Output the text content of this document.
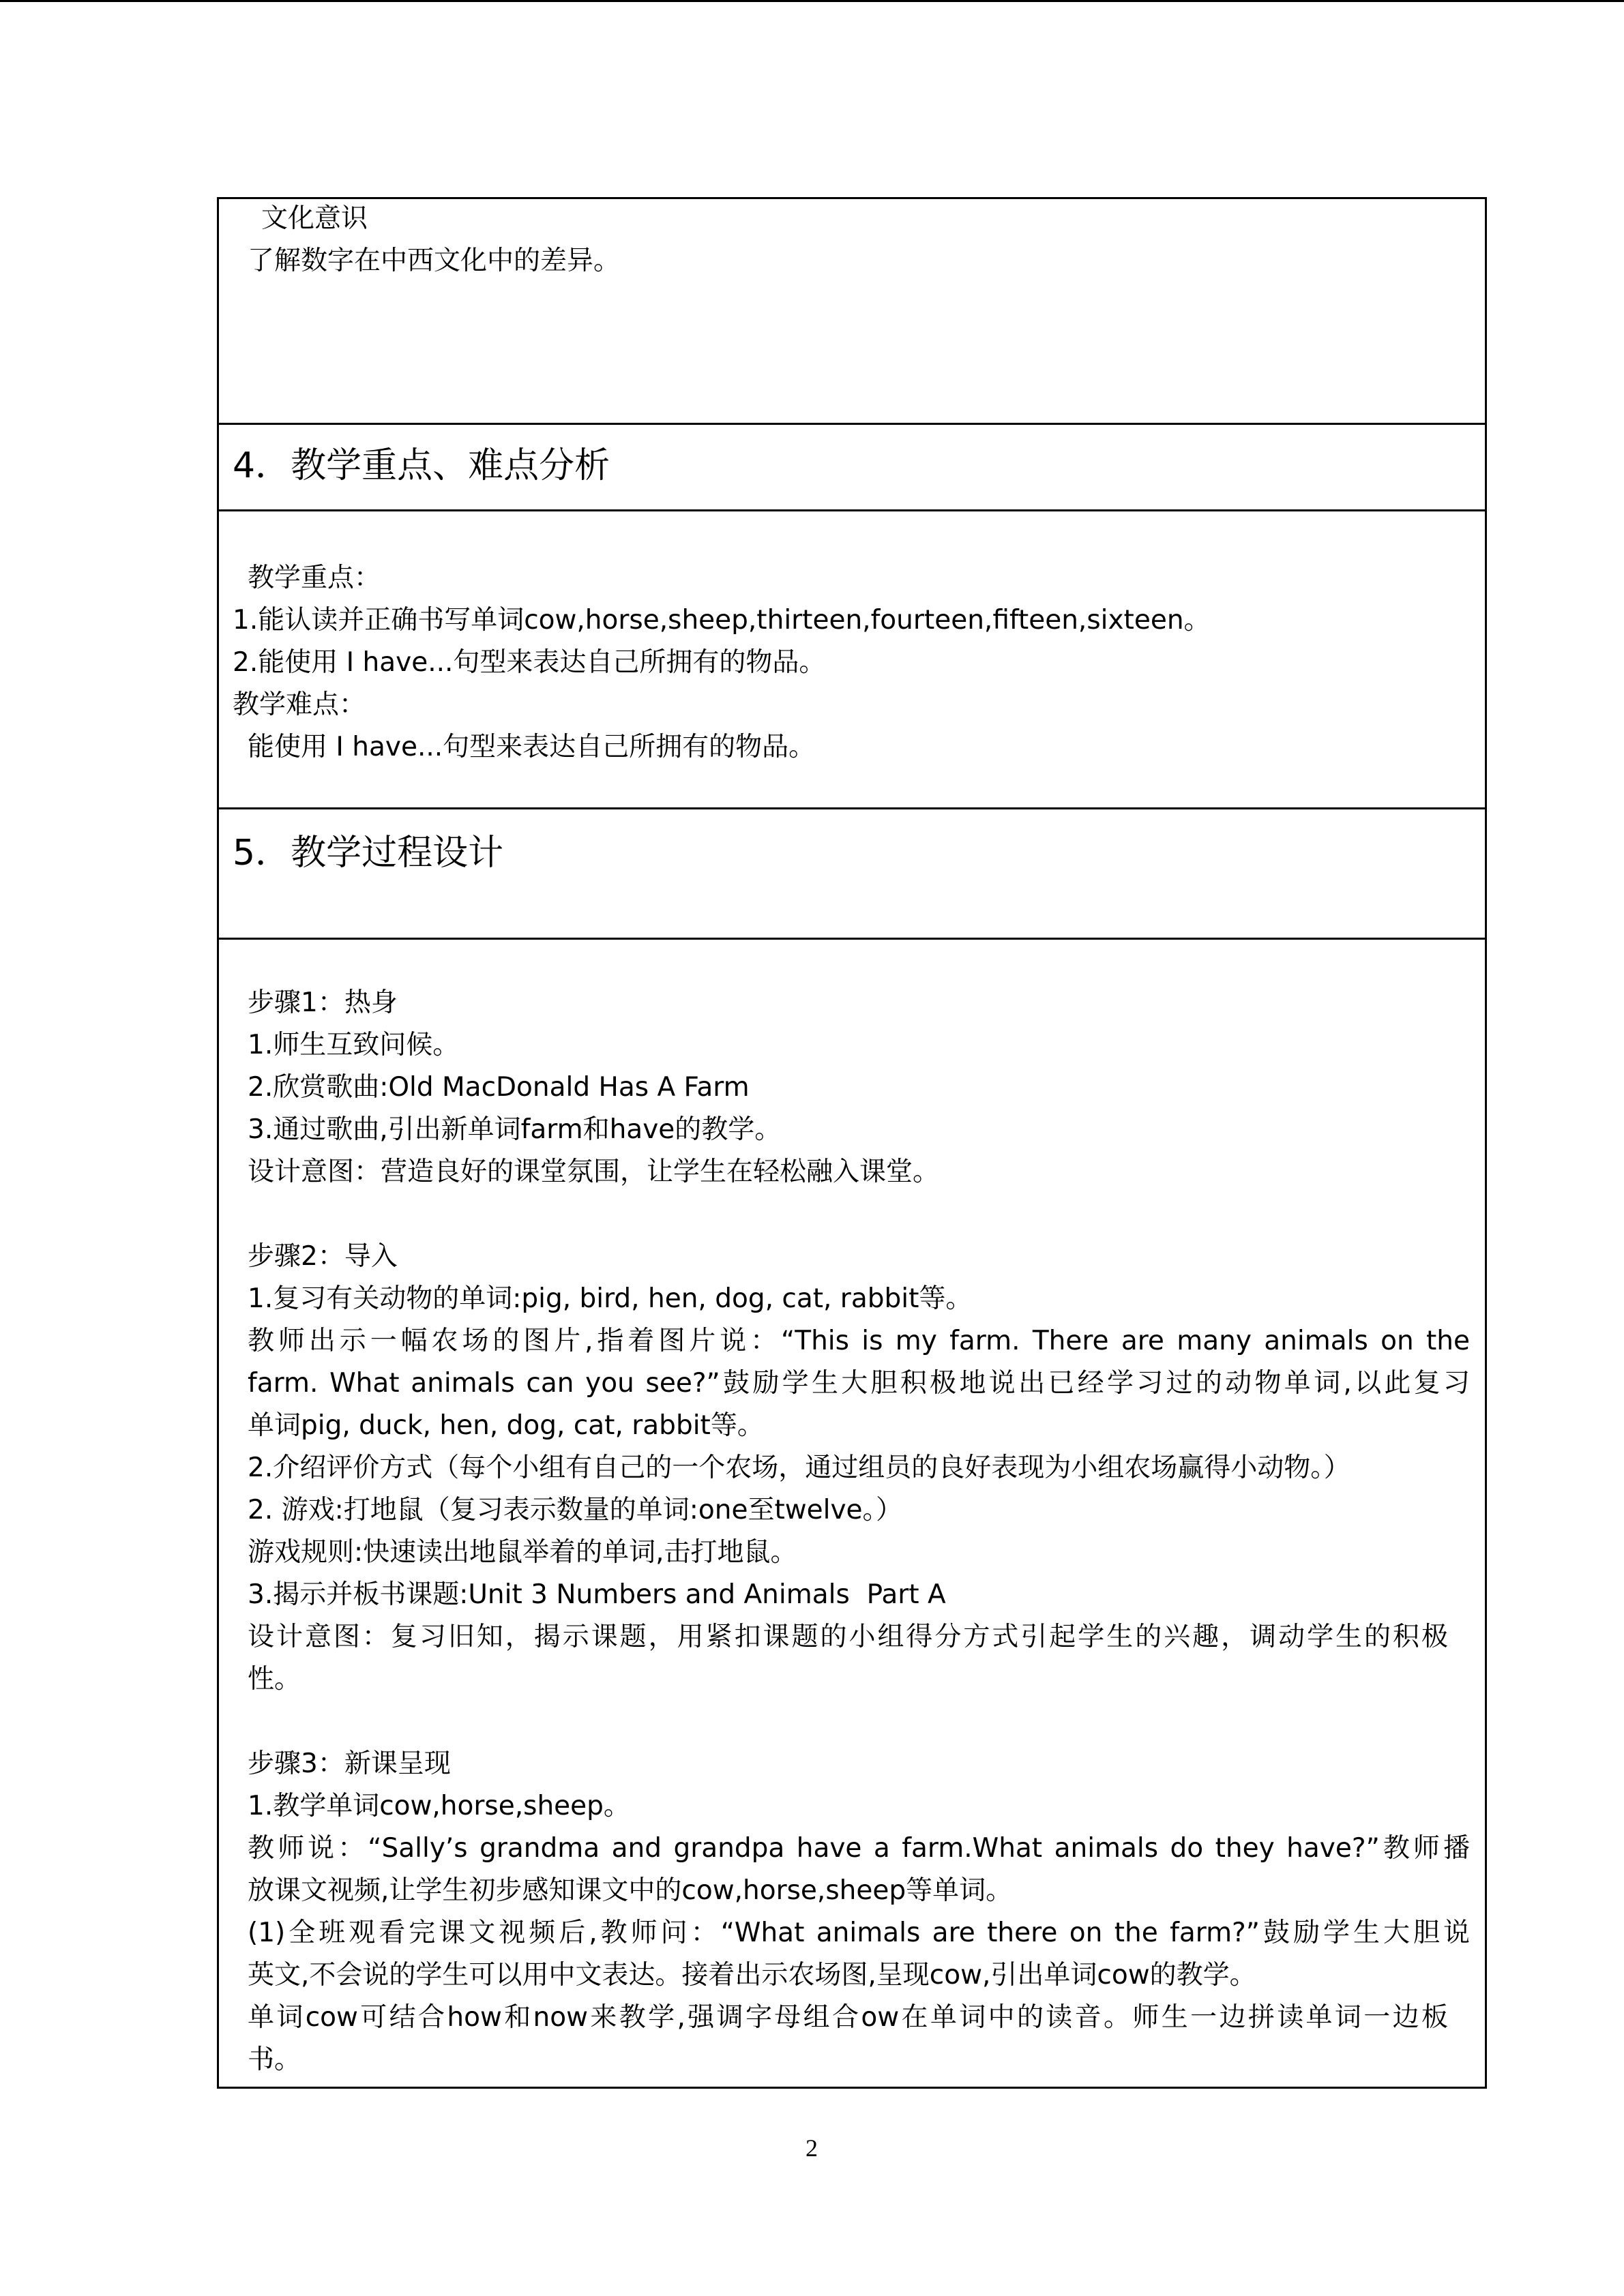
文化意识
了解数字在中西文化中的差异。
4．教学重点、难点分析
教学重点：
1.能认读并正确书写单词cow,horse,sheep,thirteen,fourteen,fifteen,sixteen。
2.能使用 I have...句型来表达自己所拥有的物品。
教学难点：
能使用 I have...句型来表达自己所拥有的物品。
5．教学过程设计
步骤1：热身
1.师生互致问候。
2.欣赏歌曲:Old MacDonald Has A Farm
3.通过歌曲,引出新单词farm和have的教学。
设计意图：营造良好的课堂氛围，让学生在轻松融入课堂。
步骤2：导入
1.复习有关动物的单词:pig, bird, hen, dog, cat, rabbit等。
教师出示一幅农场的图片,指着图片说：“This is my farm. There are many animals on the
farm. What animals can you see?”鼓励学生大胆积极地说出已经学习过的动物单词,以此复习
单词pig, duck, hen, dog, cat, rabbit等。
2.介绍评价方式（每个小组有自己的一个农场，通过组员的良好表现为小组农场赢得小动物。）
2. 游戏:打地鼠（复习表示数量的单词:one至twelve。）
游戏规则:快速读出地鼠举着的单词,击打地鼠。
3.揭示并板书课题:Unit 3 Numbers and Animals  Part A
设计意图：复习旧知，揭示课题，用紧扣课题的小组得分方式引起学生的兴趣，调动学生的积极
性。
步骤3：新课呈现
1.教学单词cow,horse,sheep。
教师说：“Sally’s grandma and grandpa have a farm.What animals do they have?”教师播
放课文视频,让学生初步感知课文中的cow,horse,sheep等单词。
(1)全班观看完课文视频后,教师问：“What animals are there on the farm?”鼓励学生大胆说
英文,不会说的学生可以用中文表达。接着出示农场图,呈现cow,引出单词cow的教学。
单词cow可结合how和now来教学,强调字母组合ow在单词中的读音。师生一边拼读单词一边板
书。
2
